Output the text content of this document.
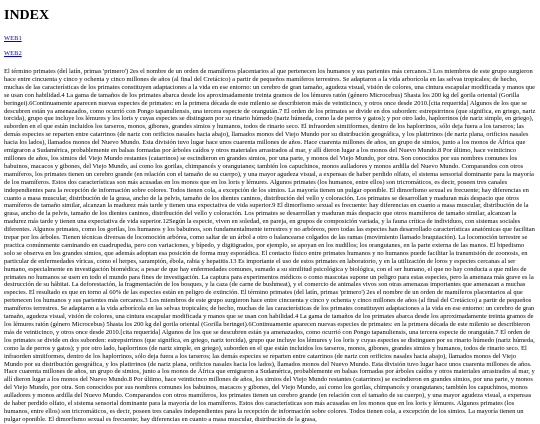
INDEX
WEB1
WEB2

El término primates (del latín, primas 'primero') 2es el nombre de un orden de mamíferos placentarios al que pertenecen los humanos y sus parientes más cercanos.3 Los miembros de este grupo surgieron hace entre cincuenta y cinco y ochenta y cinco millones de años (al final del Cretácico) a partir de pequeños mamíferos terrestres. Se adaptaron a la vida arborícola en las selvas tropicales; de hecho, muchas de las características de los primates constituyen adaptaciones a la vida en ese entorno: un cerebro de gran tamaño, agudeza visual, visión de colores, una cintura escapular modificada y manos que se usan con habilidad.4 La gama de tamaños de los primates abarca desde los aproximadamente treinta gramos de los lémures ratón (género Microcebus) 5hasta los 200 kg del gorila oriental (Gorilla beringei).6Continuamente aparecen nuevas especies de primates: en la primera década de este milenio se describieron más de veinticinco, y otros once desde 2010.[cita requerida] Algunos de los que se descubren están ya amenazados, como ocurrió con Pongo tapanuliensis, una tercera especie de orangután.7 El orden de los primates se divide en dos suborden: estrepsirrinos (que significa, en griego, nariz torcida), grupo que incluye los lémures y los loris y cuyas especies se distinguen por su rinario húmedo (nariz húmeda, como la de perros y gatos); y por otro lado, haplorrinos (de nariz simple, en griego), suborden en el que están incluidos los tarseros, monos, gibones, grandes simios y humanos, todos de rinario seco. El infraorden simiiformes, dentro de los haplorrinos, sólo deja fuera a los tarseros; las demás especies se reparten entre catarrinos (de nariz con orificios nasales hacia abajo), llamados monos del Viejo Mundo por su distribución geográfica, y los platirrinos (de nariz plana, orificios nasales hacia los lados), llamados monos del Nuevo Mundo. Esta división tuvo lugar hace unos cuarenta millones de años. Hace cuarenta millones de años, un grupo de simios, junto a los monos de África que emigraron a Sudamérica, probablemente en balsas formadas por árboles caídos y otros materiales arrastrados al mar, y allí dieron lugar a los monos del Nuevo Mundo.8 Por último, hace veinticinco millones de años, los simios del Viejo Mundo restantes (catarrinos) se escindieron en grandes simios, por una parte, y monos del Viejo Mundo, por otra. Son conocidos por sus nombres comunes los babuinos, macacos y gibones, del Viejo Mundo, así como los gorilas, chimpancés y orangutanes; también los capuchinos, monos aulladores y monos ardilla del Nuevo Mundo. Comparandos con otros mamíferos, los primates tienen un cerebro grande (en relación con el tamaño de su cuerpo), y una mayor agudeza visual, a expensas de haber perdido olfato, el sistema sensorial dominante para la mayoría de los mamíferos. Estos dos características son más acusadas en los monos que en los loris y lémures. Algunos primates (los humanos, entre ellos) son tricromáticos, es decir, poseen tres canales independientes para la recepción de información sobre colores. Todos tienen cola, a excepción de los simios. La mayoría tienen un pulgar oponible. El dimorfismo sexual es frecuente; hay diferencias en cuanto a masa muscular, distribución de la grasa, ancho de la pelvis, tamaño de los dientes caninos, distribución del vello y coloración. Los primates se desarrollan y maduran más despacio que otros mamíferos de tamaño similar, alcanzan la madurez más tarde y tienen una expectativa de vida superior.9 El dimorfismo sexual es frecuente: hay diferencias en cuanto a masa muscular, distribución de la grasa, ancho de la pelvis, tamaño de los dientes caninos, distribución del vello y coloración. Los primates se desarrollan y maduran más despacio que otros mamíferos de tamaño similar, alcanzan la madurez más tarde y tienen una expectativa de vida superior.12Según la especie, viven en soledad, en pareja, en grupos de composición variada, y la fauna crítica de individuos, con sistemas sociales diferentes. Algunos primates, como los gorilas, los humanos y los babuinos, son fundamentalmente terrestres y no arbóreos, pero todas las especies han desarrollado características anatómicas que facilitan trepar por los árboles. Tienen técnicas diversas de locomoción arbórea, como saltar de un árbol a otro o balancearse colgados de las ramas (movimiento llamado braquiación). La locomoción terrestre se practica comúnmente caminando en cuadrupedia, pero con variaciones, y bípedo, y digitigrados, por ejemplo, se apoyan en los nudillos; los orangutanes, en la parte externa de las manos. El bipedismo solo se observa en los grandes simios, que además adoptan esa posición de forma muy esporádica. El contacto físico entre primates humanos y no humanos puede facilitar la transmisión de zoonosis, en particular de enfermedades víricas, como el herpes, sarampión, ébola, rabia y hepatitis.13 Es importante el uso de estos primates en laboratorio, y en la utilización de loros y especies cercanas al ser humano, especialmente en investigación biomédica; a pesar de que hay enfermedades comunes, sumado a su similitud psicológica y biológica, con el ser humano, el que no hay conducta a que miles de primates no humanos se usen en todo el mundo para fines de investigación. La captura para experimentos médicos o como mascotas supone un peligro para estas especies, pero la amenaza más grave es la destrucción de su hábitat. La deforestación, la fragmentación de los bosques, y la caza (de carne de bushmeat), y el comercio de animales vivos son otras amenazas importantes que amenazan a muchas especies. El resultado es que en torno al 60% de las especies están en peligro de extinción. El término primates (del latín, primas 'primero') 2es el nombre de un orden de mamíferos placentarios al que pertenecen los humanos y sus parientes más cercanos.3 Los miembros de este grupo surgieron hace entre cincuenta y cinco y ochenta y cinco millones de años (al final del Cretácico) a partir de pequeños mamíferos terrestres. Se adaptaron a la vida arborícola en las selvas tropicales; de hecho, muchas de las características de los primates constituyen adaptaciones a la vida en ese entorno: un cerebro de gran tamaño, agudeza visual, visión de colores, una cintura escapular modificada y manos que se usan con habilidad.4 La gama de tamaños de los primates abarca desde los aproximadamente treinta gramos de los lémures ratón (género Microcebus) 5hasta los 200 kg del gorila oriental (Gorilla beringei).6Continuamente aparecen nuevas especies de primates: en la primera década de este milenio se describieron más de veinticinco, y otros once desde 2010.[cita requerida] Algunos de los que se descubren están ya amenazados, como ocurrió con Pongo tapanuliensis, una tercera especie de orangután.7 El orden de los primates se divide en dos suborden: estrepsirrinos (que significa, en griego, nariz torcida), grupo que incluye los lémures y los loris y cuyas especies se distinguen por su rinario húmedo (nariz húmeda, como la de perros y gatos); y por otro lado, haplorrinos (de nariz simple, en griego), suborden en el que están incluidos los tarseros, monos, gibones, grandes simios y humanos, todos de rinario seco. El infraorden simiiformes, dentro de los haplorrinos, sólo deja fuera a los tarseros; las demás especies se reparten entre catarrinos (de nariz con orificios nasales hacia abajo), llamados monos del Viejo Mundo por su distribución geográfica, y los platirrinos (de nariz plana, orificios nasales hacia los lados), llamados monos del Nuevo Mundo. Esta división tuvo lugar hace unos cuarenta millones de años. Hace cuarenta millones de años, un grupo de simios, junto a los monos de África que emigraron a Sudamérica, probablemente en balsas formadas por árboles caídos y otros materiales arrastrados al mar, y allí dieron lugar a los monos del Nuevo Mundo.8 Por último, hace veinticinco millones de años, los simios del Viejo Mundo restantes (catarrinos) se escindieron en grandes simios, por una parte, y monos del Viejo Mundo, por otra. Son conocidos por sus nombres comunes los babuinos, macacos y gibones, del Viejo Mundo, así como los gorilas, chimpancés y orangutanes; también los capuchinos, monos aulladores y monos ardilla del Nuevo Mundo. Comparandos con otros mamíferos, los primates tienen un cerebro grande (en relación con el tamaño de su cuerpo), y una mayor agudeza visual, a expensas de haber perdido olfato, el sistema sensorial dominante para la mayoría de los mamíferos. Estos dos características son más acusadas en los monos que en los loris y lémures. Algunos primates (los humanos, entre ellos) son tricromáticos, es decir, poseen tres canales independientes para la recepción de información sobre colores. Todos tienen cola, a excepción de los simios. La mayoría tienen un pulgar oponible. El dimorfismo sexual es frecuente; hay diferencias en cuanto a masa muscular, distribución de la grasa,
